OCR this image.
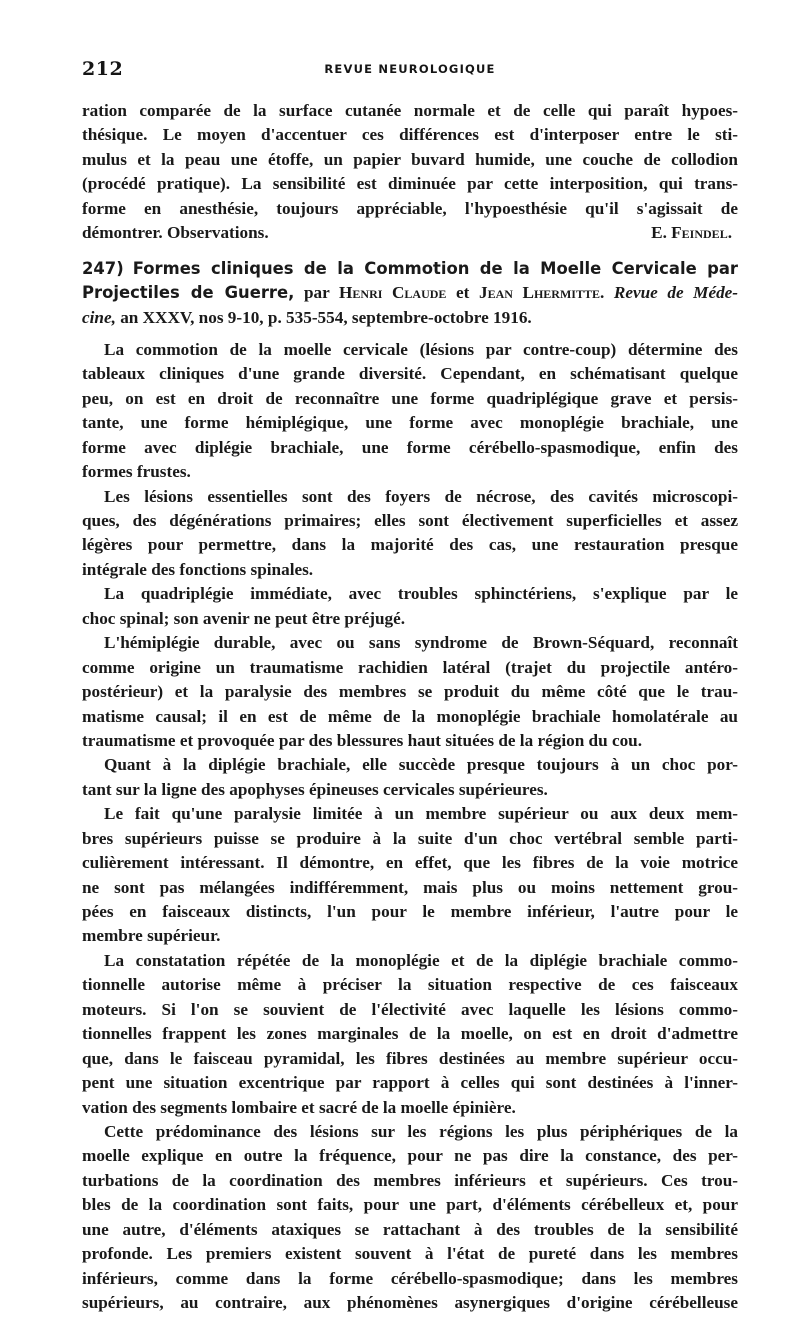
212	REVUE NEUROLOGIQUE
ration comparée de la surface cutanée normale et de celle qui paraît hypoes-
thésique. Le moyen d'accentuer ces différences est d'interposer entre le sti-
mulus et la peau une étoffe, un papier buvard humide, une couche de collodion
(procédé pratique). La sensibilité est diminuée par cette interposition, qui trans-
forme en anesthésie, toujours appréciable, l'hypoesthésie qu'il s'agissait de
démontrer. Observations.	E. Feindel.
247) Formes cliniques de la Commotion de la Moelle Cervicale par
Projectiles de Guerre, par Henri Claude et Jean Lhermitte. Revue de Méde-
cine, an XXXV, nos 9-10, p. 535-554, septembre-octobre 1916.
La commotion de la moelle cervicale (lésions par contre-coup) détermine des
tableaux cliniques d'une grande diversité. Cependant, en schématisant quelque
peu, on est en droit de reconnaître une forme quadriplégique grave et persis-
tante, une forme hémiplégique, une forme avec monoplégie brachiale, une
forme avec diplégie brachiale, une forme cérébello-spasmodique, enfin des
formes frustes.
Les lésions essentielles sont des foyers de nécrose, des cavités microscopi-
ques, des dégénérations primaires; elles sont électivement superficielles et assez
légères pour permettre, dans la majorité des cas, une restauration presque
intégrale des fonctions spinales.
La quadriplégie immédiate, avec troubles sphinctériens, s'explique par le
choc spinal; son avenir ne peut être préjugé.
L'hémiplégie durable, avec ou sans syndrome de Brown-Séquard, reconnaît
comme origine un traumatisme rachidien latéral (trajet du projectile antéro-
postérieur) et la paralysie des membres se produit du même côté que le trau-
matisme causal; il en est de même de la monoplégie brachiale homolatérale au
traumatisme et provoquée par des blessures haut situées de la région du cou.
Quant à la diplégie brachiale, elle succède presque toujours à un choc por-
tant sur la ligne des apophyses épineuses cervicales supérieures.
Le fait qu'une paralysie limitée à un membre supérieur ou aux deux mem-
bres supérieurs puisse se produire à la suite d'un choc vertébral semble parti-
culièrement intéressant. Il démontre, en effet, que les fibres de la voie motrice
ne sont pas mélangées indifféremment, mais plus ou moins nettement grou-
pées en faisceaux distincts, l'un pour le membre inférieur, l'autre pour le
membre supérieur.
La constatation répétée de la monoplégie et de la diplégie brachiale commo-
tionnelle autorise même à préciser la situation respective de ces faisceaux
moteurs. Si l'on se souvient de l'électivité avec laquelle les lésions commo-
tionnelles frappent les zones marginales de la moelle, on est en droit d'admettre
que, dans le faisceau pyramidal, les fibres destinées au membre supérieur occu-
pent une situation excentrique par rapport à celles qui sont destinées à l'inner-
vation des segments lombaire et sacré de la moelle épinière.
Cette prédominance des lésions sur les régions les plus périphériques de la
moelle explique en outre la fréquence, pour ne pas dire la constance, des per-
turbations de la coordination des membres inférieurs et supérieurs. Ces trou-
bles de la coordination sont faits, pour une part, d'éléments cérébelleux et, pour
une autre, d'éléments ataxiques se rattachant à des troubles de la sensibilité
profonde. Les premiers existent souvent à l'état de pureté dans les membres
inférieurs, comme dans la forme cérébello-spasmodique; dans les membres
supérieurs, au contraire, aux phénomènes asynergiques d'origine cérébelleuse
